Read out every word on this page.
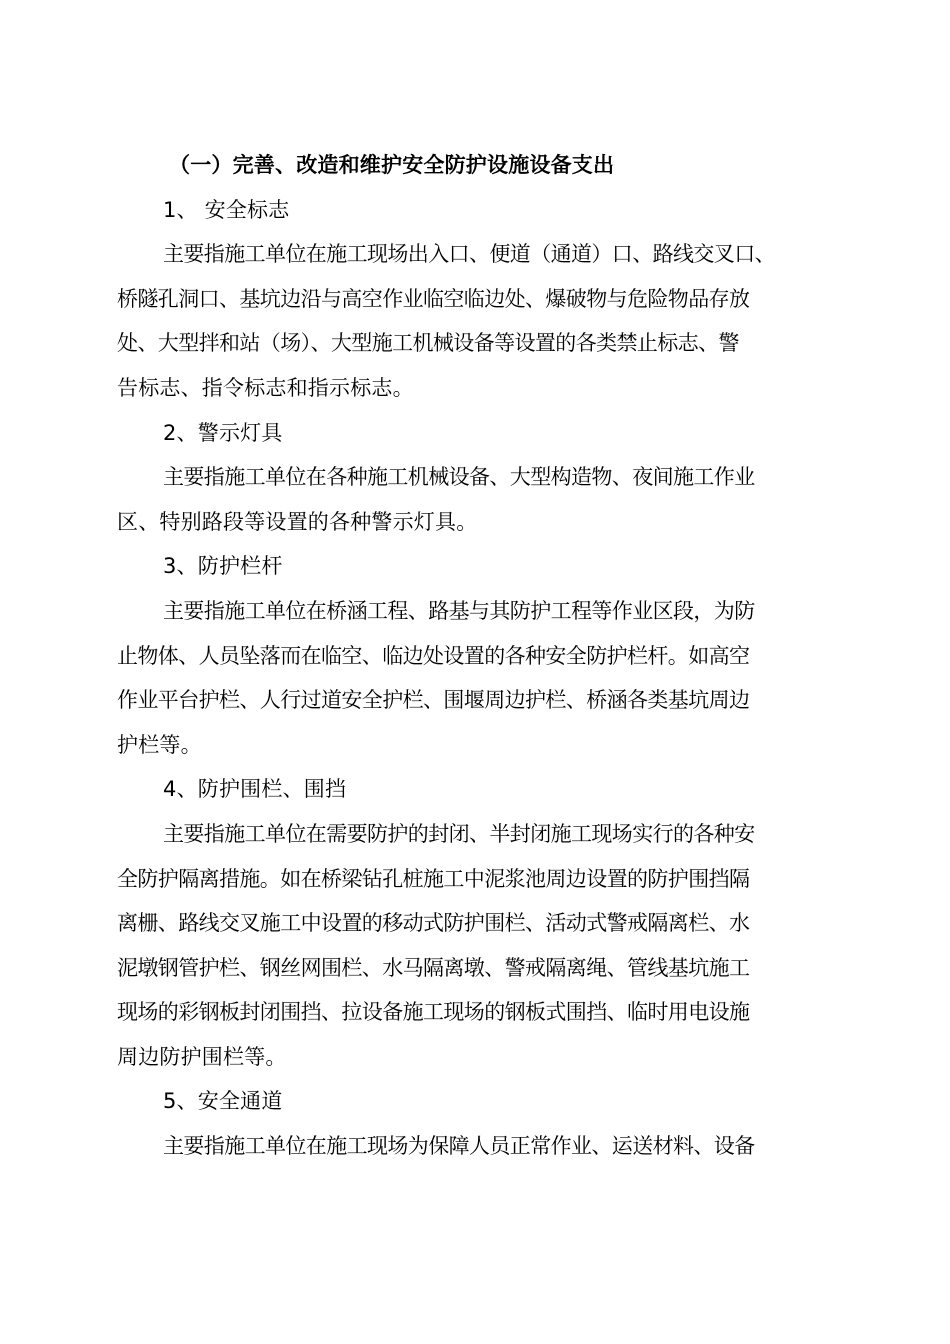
（一）完善、改造和维护安全防护设施设备支出
1、 安全标志
主要指施工单位在施工现场出入口、便道（通道）口、路线交叉口、
桥隧孔洞口、基坑边沿与高空作业临空临边处、爆破物与危险物品存放
处、大型拌和站（场）、大型施工机械设备等设置的各类禁止标志、警
告标志、指令标志和指示标志。
2、警示灯具
主要指施工单位在各种施工机械设备、大型构造物、夜间施工作业
区、特别路段等设置的各种警示灯具。
3、防护栏杆
主要指施工单位在桥涵工程、路基与其防护工程等作业区段，为防
止物体、人员坠落而在临空、临边处设置的各种安全防护栏杆。如高空
作业平台护栏、人行过道安全护栏、围堰周边护栏、桥涵各类基坑周边
护栏等。
4、防护围栏、围挡
主要指施工单位在需要防护的封闭、半封闭施工现场实行的各种安
全防护隔离措施。如在桥梁钻孔桩施工中泥浆池周边设置的防护围挡隔
离栅、路线交叉施工中设置的移动式防护围栏、活动式警戒隔离栏、水
泥墩钢管护栏、钢丝网围栏、水马隔离墩、警戒隔离绳、管线基坑施工
现场的彩钢板封闭围挡、拉设备施工现场的钢板式围挡、临时用电设施
周边防护围栏等。
5、安全通道
主要指施工单位在施工现场为保障人员正常作业、运送材料、设备
